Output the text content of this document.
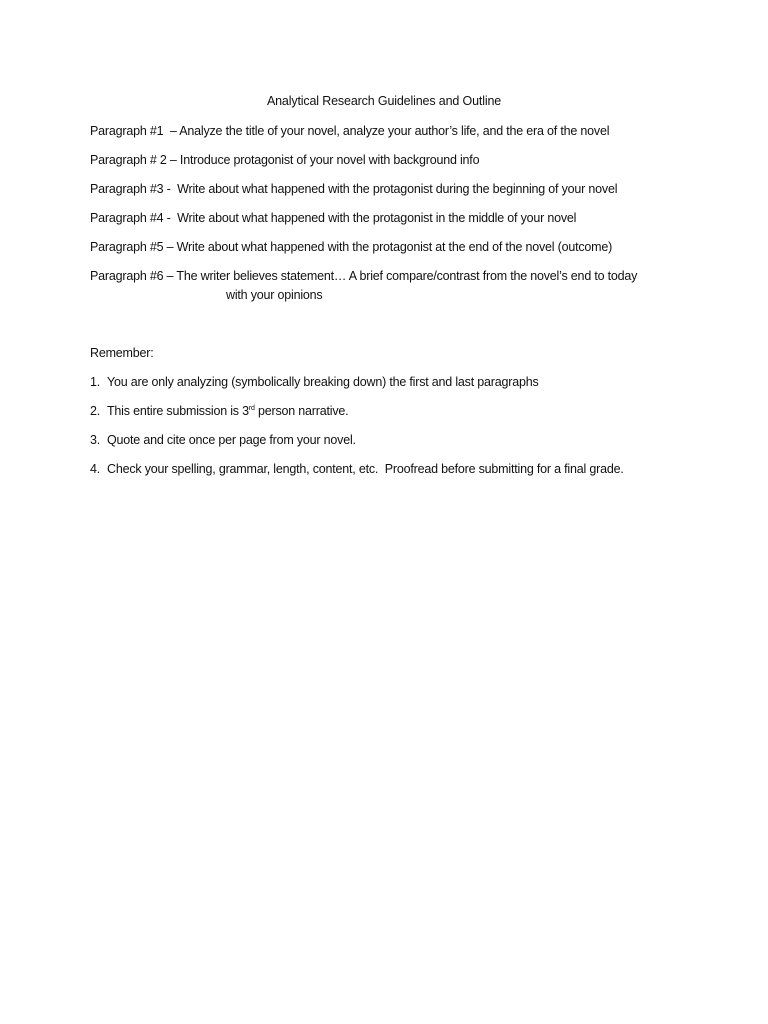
Analytical Research Guidelines and Outline
Paragraph #1  – Analyze the title of your novel, analyze your author’s life, and the era of the novel
Paragraph # 2 – Introduce protagonist of your novel with background info
Paragraph #3 -  Write about what happened with the protagonist during the beginning of your novel
Paragraph #4 -  Write about what happened with the protagonist in the middle of your novel
Paragraph #5 – Write about what happened with the protagonist at the end of the novel (outcome)
Paragraph #6 – The writer believes statement… A brief compare/contrast from the novel’s end to today
with your opinions
Remember:
1. You are only analyzing (symbolically breaking down) the first and last paragraphs
2. This entire submission is 3rd person narrative.
3. Quote and cite once per page from your novel.
4. Check your spelling, grammar, length, content, etc.  Proofread before submitting for a final grade.
